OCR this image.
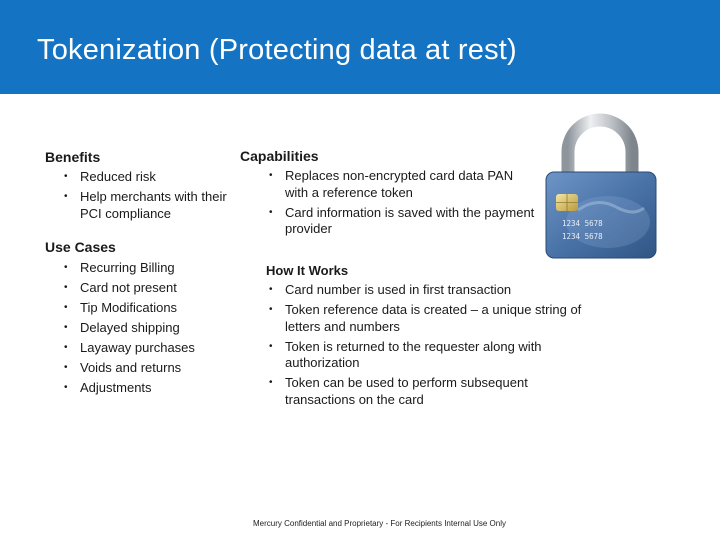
Tokenization (Protecting data at rest)
Benefits
• Reduced risk
• Help merchants with their PCI compliance
Capabilities
• Replaces non-encrypted card data PAN with a reference token
• Card information is saved with the payment provider
Use Cases
• Recurring Billing
• Card not present
• Tip Modifications
• Delayed shipping
• Layaway purchases
• Voids and returns
• Adjustments
How It Works
• Card number is used in first transaction
• Token reference data is created – a unique string of letters and numbers
• Token is returned to the requester along with authorization
• Token can be used to perform subsequent transactions on the card
1234 5678
1234 5678
Mercury Confidential and Proprietary - For Recipients Internal Use Only
